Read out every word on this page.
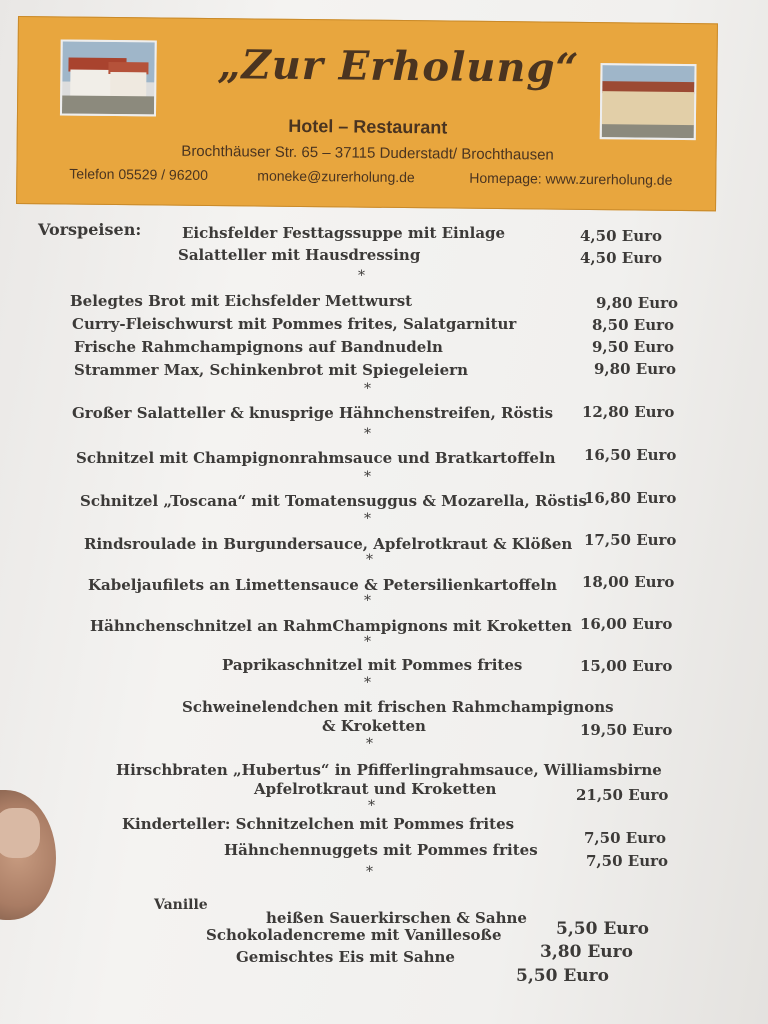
„Zur Erholung“
Hotel – Restaurant
Brochthäuser Str. 65 – 37115 Duderstadt/ Brochthausen
Telefon 05529 / 96200	moneke@zurerholung.de	Homepage: www.zurerholung.de
Vorspeisen:	Eichsfelder Festtagssuppe mit Einlage	4,50 Euro
Salatteller mit Hausdressing	4,50 Euro
*
Belegtes Brot mit Eichsfelder Mettwurst	9,80 Euro
Curry-Fleischwurst mit Pommes frites, Salatgarnitur	8,50 Euro
Frische Rahmchampignons auf Bandnudeln	9,50 Euro
Strammer Max, Schinkenbrot mit Spiegeleiern	9,80 Euro
*
Großer Salatteller & knusprige Hähnchenstreifen, Röstis 12,80 Euro
*
Schnitzel mit Champignonrahmsauce und Bratkartoffeln 16,50 Euro
*
Schnitzel „Toscana“ mit Tomatensuggus & Mozarella, Röstis
16,80 Euro
*
Rindsroulade in Burgundersauce, Apfelrotkraut & Klößen 17,50 Euro
*
Kabeljaufilets an Limettensauce & Petersilienkartoffeln 18,00 Euro
*
Hähnchenschnitzel an RahmChampignons mit Kroketten 16,00 Euro
*
Paprikaschnitzel mit Pommes frites	15,00 Euro
*
Schweinelendchen mit frischen Rahmchampignons
& Kroketten	19,50 Euro
*
Hirschbraten „Hubertus“ in Pfifferlingrahmsauce, Williamsbirne
Apfelrotkraut und Kroketten	21,50 Euro
*
Kinderteller: Schnitzelchen mit Pommes frites
7,50 Euro
Hähnchennuggets mit Pommes frites
7,50 Euro
*
Vanille
heißen Sauerkirschen & Sahne
5,50 Euro
Schokoladencreme mit Vanillesoße
3,80 Euro
Gemischtes Eis mit Sahne
5,50 Euro
